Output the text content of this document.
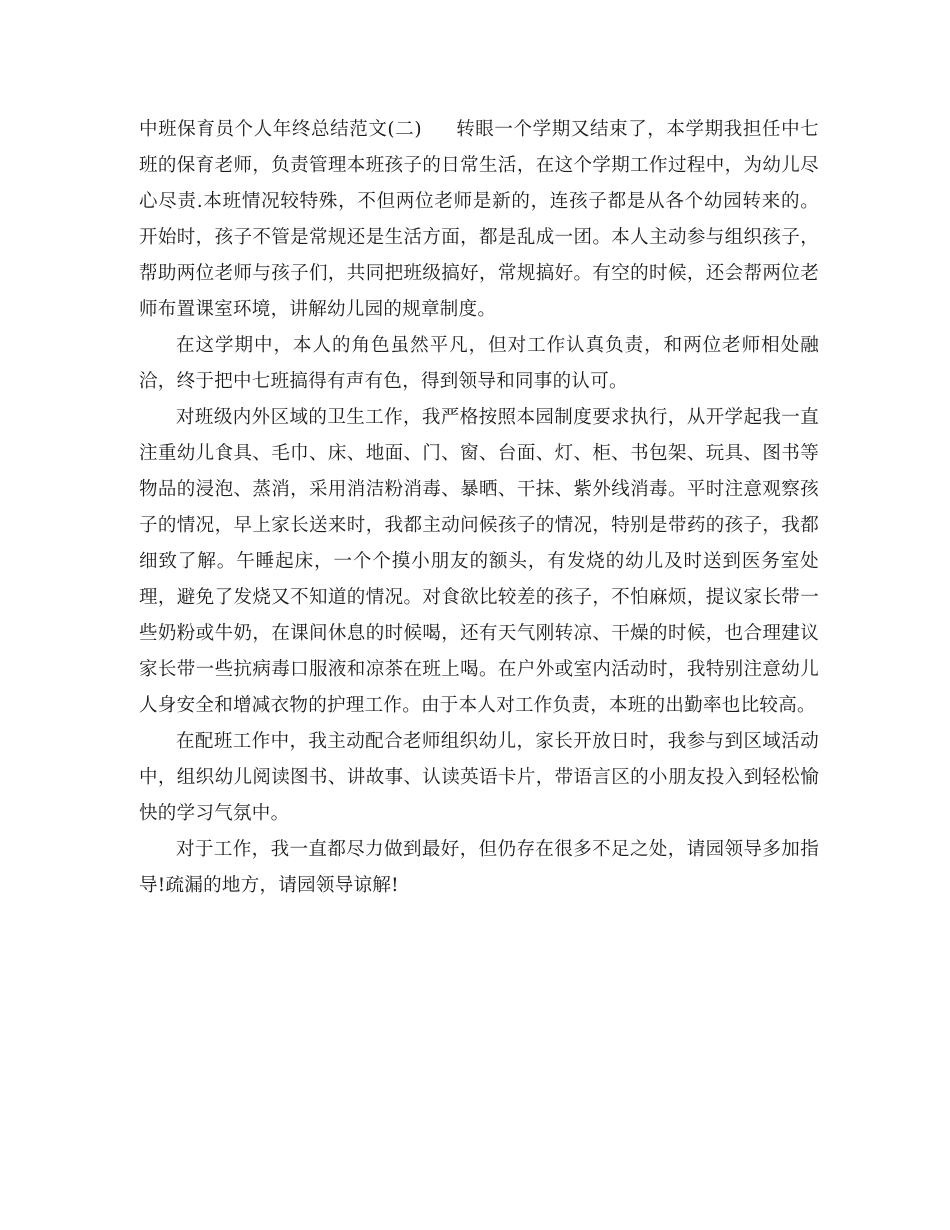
中班保育员个人年终总结范文(二) 转眼一个学期又结束了，本学期我担任中七班的保育老师，负责管理本班孩子的日常生活，在这个学期工作过程中，为幼儿尽心尽责.本班情况较特殊，不但两位老师是新的，连孩子都是从各个幼园转来的。开始时，孩子不管是常规还是生活方面，都是乱成一团。本人主动参与组织孩子，帮助两位老师与孩子们，共同把班级搞好，常规搞好。有空的时候，还会帮两位老师布置课室环境，讲解幼儿园的规章制度。

在这学期中，本人的角色虽然平凡，但对工作认真负责，和两位老师相处融洽，终于把中七班搞得有声有色，得到领导和同事的认可。

对班级内外区域的卫生工作，我严格按照本园制度要求执行，从开学起我一直注重幼儿食具、毛巾、床、地面、门、窗、台面、灯、柜、书包架、玩具、图书等物品的浸泡、蒸消，采用消洁粉消毒、暴晒、干抹、紫外线消毒。平时注意观察孩子的情况，早上家长送来时，我都主动问候孩子的情况，特别是带药的孩子，我都细致了解。午睡起床，一个个摸小朋友的额头，有发烧的幼儿及时送到医务室处理，避免了发烧又不知道的情况。对食欲比较差的孩子，不怕麻烦，提议家长带一些奶粉或牛奶，在课间休息的时候喝，还有天气刚转凉、干燥的时候，也合理建议家长带一些抗病毒口服液和凉茶在班上喝。在户外或室内活动时，我特别注意幼儿人身安全和增减衣物的护理工作。由于本人对工作负责，本班的出勤率也比较高。

在配班工作中，我主动配合老师组织幼儿，家长开放日时，我参与到区域活动中，组织幼儿阅读图书、讲故事、认读英语卡片，带语言区的小朋友投入到轻松愉快的学习气氛中。

对于工作，我一直都尽力做到最好，但仍存在很多不足之处，请园领导多加指导!疏漏的地方，请园领导谅解!
